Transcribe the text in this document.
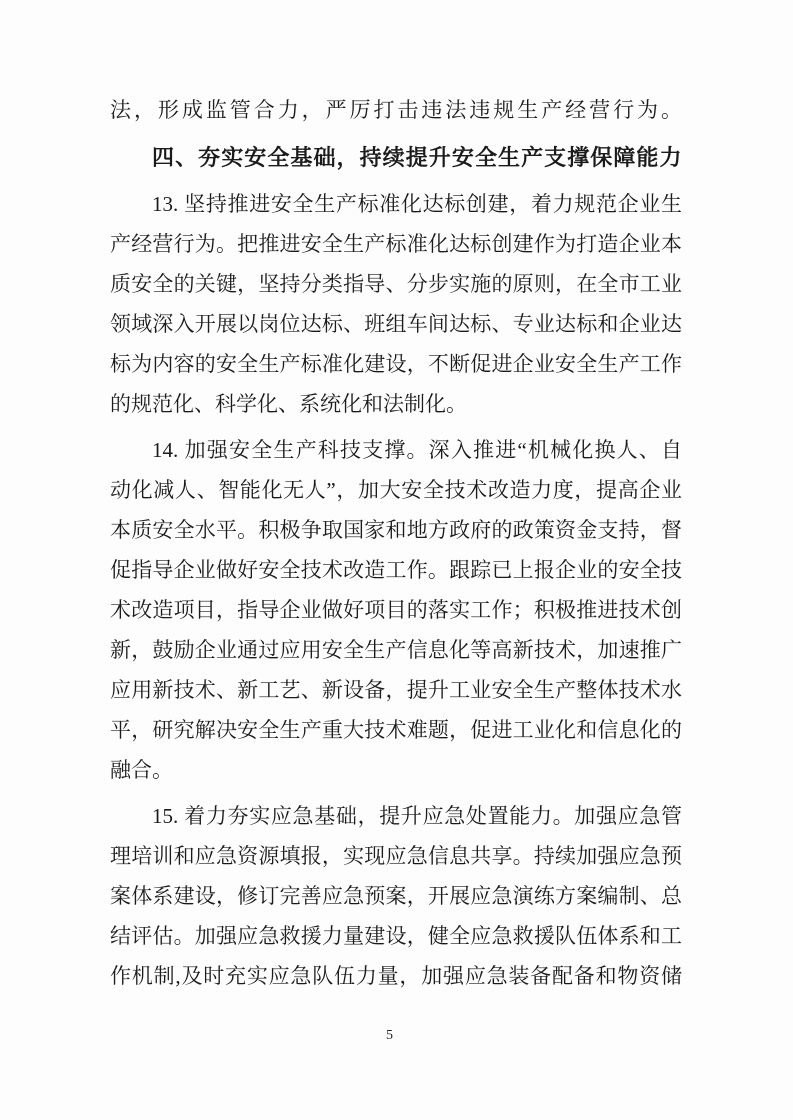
法，形成监管合力，严厉打击违法违规生产经营行为。
四、夯实安全基础，持续提升安全生产支撑保障能力
13. 坚持推进安全生产标准化达标创建，着力规范企业生
产经营行为。把推进安全生产标准化达标创建作为打造企业本
质安全的关键，坚持分类指导、分步实施的原则，在全市工业
领域深入开展以岗位达标、班组车间达标、专业达标和企业达
标为内容的安全生产标准化建设，不断促进企业安全生产工作
的规范化、科学化、系统化和法制化。
14. 加强安全生产科技支撑。深入推进“机械化换人、自
动化减人、智能化无人”，加大安全技术改造力度，提高企业
本质安全水平。积极争取国家和地方政府的政策资金支持，督
促指导企业做好安全技术改造工作。跟踪已上报企业的安全技
术改造项目，指导企业做好项目的落实工作；积极推进技术创
新，鼓励企业通过应用安全生产信息化等高新技术，加速推广
应用新技术、新工艺、新设备，提升工业安全生产整体技术水
平，研究解决安全生产重大技术难题，促进工业化和信息化的
融合。
15. 着力夯实应急基础，提升应急处置能力。加强应急管
理培训和应急资源填报，实现应急信息共享。持续加强应急预
案体系建设，修订完善应急预案，开展应急演练方案编制、总
结评估。加强应急救援力量建设，健全应急救援队伍体系和工
作机制,及时充实应急队伍力量，加强应急装备配备和物资储
5
